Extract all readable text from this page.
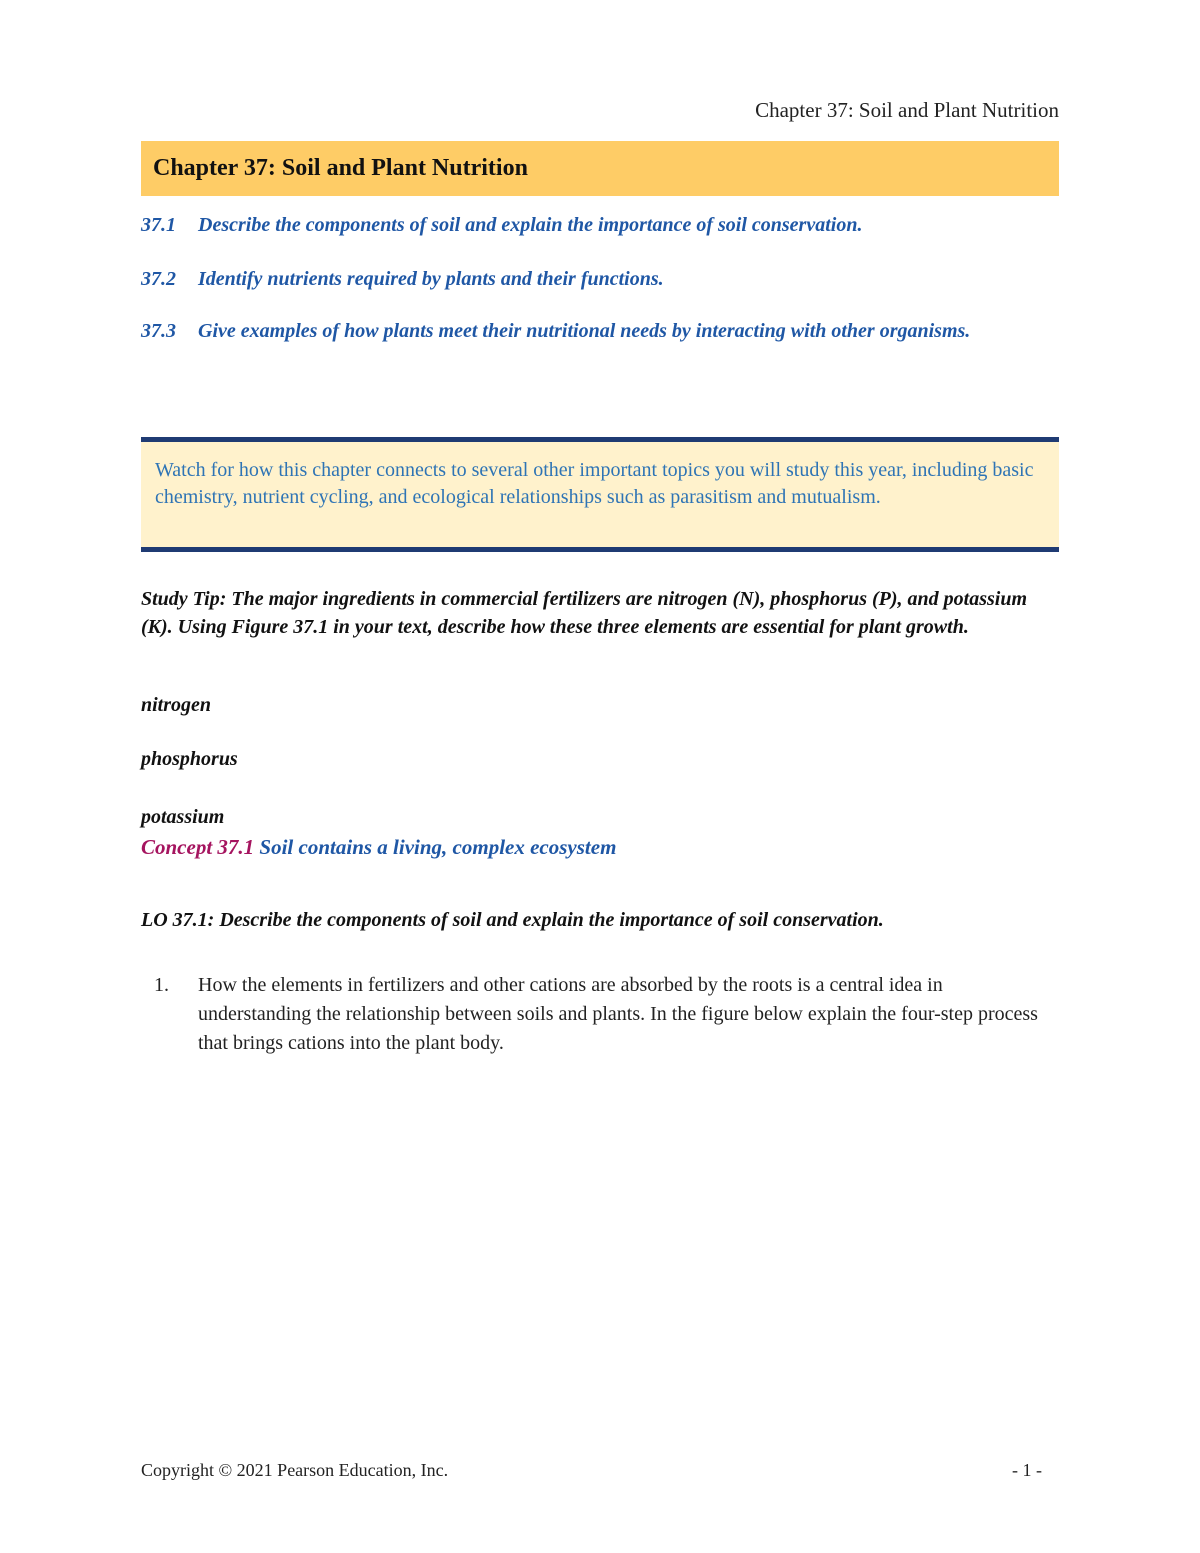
Chapter 37: Soil and Plant Nutrition
Chapter 37: Soil and Plant Nutrition
37.1	Describe the components of soil and explain the importance of soil conservation.
37.2	Identify nutrients required by plants and their functions.
37.3	Give examples of how plants meet their nutritional needs by interacting with other organisms.
Watch for how this chapter connects to several other important topics you will study this year, including basic chemistry, nutrient cycling, and ecological relationships such as parasitism and mutualism.
Study Tip: The major ingredients in commercial fertilizers are nitrogen (N), phosphorus (P), and potassium (K). Using Figure 37.1 in your text, describe how these three elements are essential for plant growth.
nitrogen
phosphorus
potassium
Concept 37.1 Soil contains a living, complex ecosystem
LO 37.1: Describe the components of soil and explain the importance of soil conservation.
1.	How the elements in fertilizers and other cations are absorbed by the roots is a central idea in understanding the relationship between soils and plants. In the figure below explain the four-step process that brings cations into the plant body.
Copyright © 2021 Pearson Education, Inc.	- 1 -
